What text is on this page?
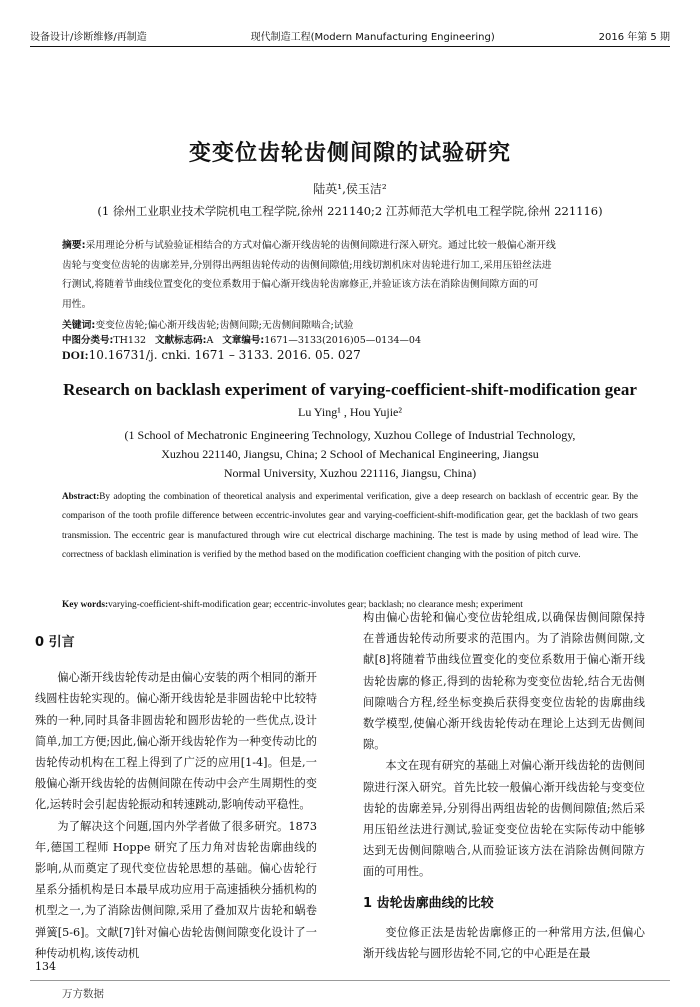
设备设计/诊断维修/再制造	现代制造工程(Modern Manufacturing Engineering)	2016 年第 5 期
变变位齿轮齿侧间隙的试验研究
陆英¹,侯玉洁²
(1 徐州工业职业技术学院机电工程学院,徐州 221140;2 江苏师范大学机电工程学院,徐州 221116)
摘要:采用理论分析与试验验证相结合的方式对偏心渐开线齿轮的齿侧间隙进行深入研究。通过比较一般偏心渐开线
齿轮与变变位齿轮的齿廓差异,分别得出两组齿轮传动的齿侧间隙值;用线切割机床对齿轮进行加工,采用压铅丝法进
行测试,将随着节曲线位置变化的变位系数用于偏心渐开线齿轮齿廓修正,并验证该方法在消除齿侧间隙方面的可
用性。
关键词:变变位齿轮;偏心渐开线齿轮;齿侧间隙;无齿侧间隙啮合;试验
中图分类号:TH132 文献标志码:A 文章编号:1671—3133(2016)05—0134—04
DOI:10.16731/j. cnki. 1671 – 3133. 2016. 05. 027
Research on backlash experiment of varying-coefficient-shift-modification gear
Lu Ying¹ , Hou Yujie²
(1 School of Mechatronic Engineering Technology, Xuzhou College of Industrial Technology,
Xuzhou 221140, Jiangsu, China; 2 School of Mechanical Engineering, Jiangsu
Normal University, Xuzhou 221116, Jiangsu, China)
Abstract:By adopting the combination of theoretical analysis and experimental verification, give a deep research on backlash of eccentric gear. By the comparison of the tooth profile difference between eccentric-involutes gear and varying-coefficient-shift-modification gear, get the backlash of two gears transmission. The eccentric gear is manufactured through wire cut electrical discharge machining. The test is made by using method of lead wire. The correctness of backlash elimination is verified by the method based on the modification coefficient changing with the position of pitch curve.
Key words:varying-coefficient-shift-modification gear; eccentric-involutes gear; backlash; no clearance mesh; experiment

0 引言

偏心渐开线齿轮传动是由偏心安装的两个相同的渐开线圆柱齿轮实现的。偏心渐开线齿轮是非圆齿轮中比较特殊的一种,同时具备非圆齿轮和圆形齿轮的一些优点,设计简单,加工方便;因此,偏心渐开线齿轮作为一种变传动比的齿轮传动机构在工程上得到了广泛的应用[1-4]。但是,一般偏心渐开线齿轮的齿侧间隙在传动中会产生周期性的变化,运转时会引起齿轮振动和转速跳动,影响传动平稳性。

为了解决这个问题,国内外学者做了很多研究。1873 年,德国工程师 Hoppe 研究了压力角对齿轮齿廓曲线的影响,从而奠定了现代变位齿轮思想的基础。偏心齿轮行星系分插机构是日本最早成功应用于高速插秧分插机构的机型之一,为了消除齿侧间隙,采用了叠加双片齿轮和蜗卷弹簧[5-6]。文献[7]针对偏心齿轮齿侧间隙变化设计了一种传动机构,该传动机

构由偏心齿轮和偏心变位齿轮组成,以确保齿侧间隙保持在普通齿轮传动所要求的范围内。为了消除齿侧间隙,文献[8]将随着节曲线位置变化的变位系数用于偏心渐开线齿轮齿廓的修正,得到的齿轮称为变变位齿轮,结合无齿侧间隙啮合方程,经坐标变换后获得变变位齿轮的齿廓曲线数学模型,使偏心渐开线齿轮传动在理论上达到无齿侧间隙。

本文在现有研究的基础上对偏心渐开线齿轮的齿侧间隙进行深入研究。首先比较一般偏心渐开线齿轮与变变位齿轮的齿廓差异,分别得出两组齿轮的齿侧间隙值;然后采用压铅丝法进行测试,验证变变位齿轮在实际传动中能够达到无齿侧间隙啮合,从而验证该方法在消除齿侧间隙方面的可用性。

1 齿轮齿廓曲线的比较

变位修正法是齿轮齿廓修正的一种常用方法,但偏心渐开线齿轮与圆形齿轮不同,它的中心距是在最

134
万方数据
